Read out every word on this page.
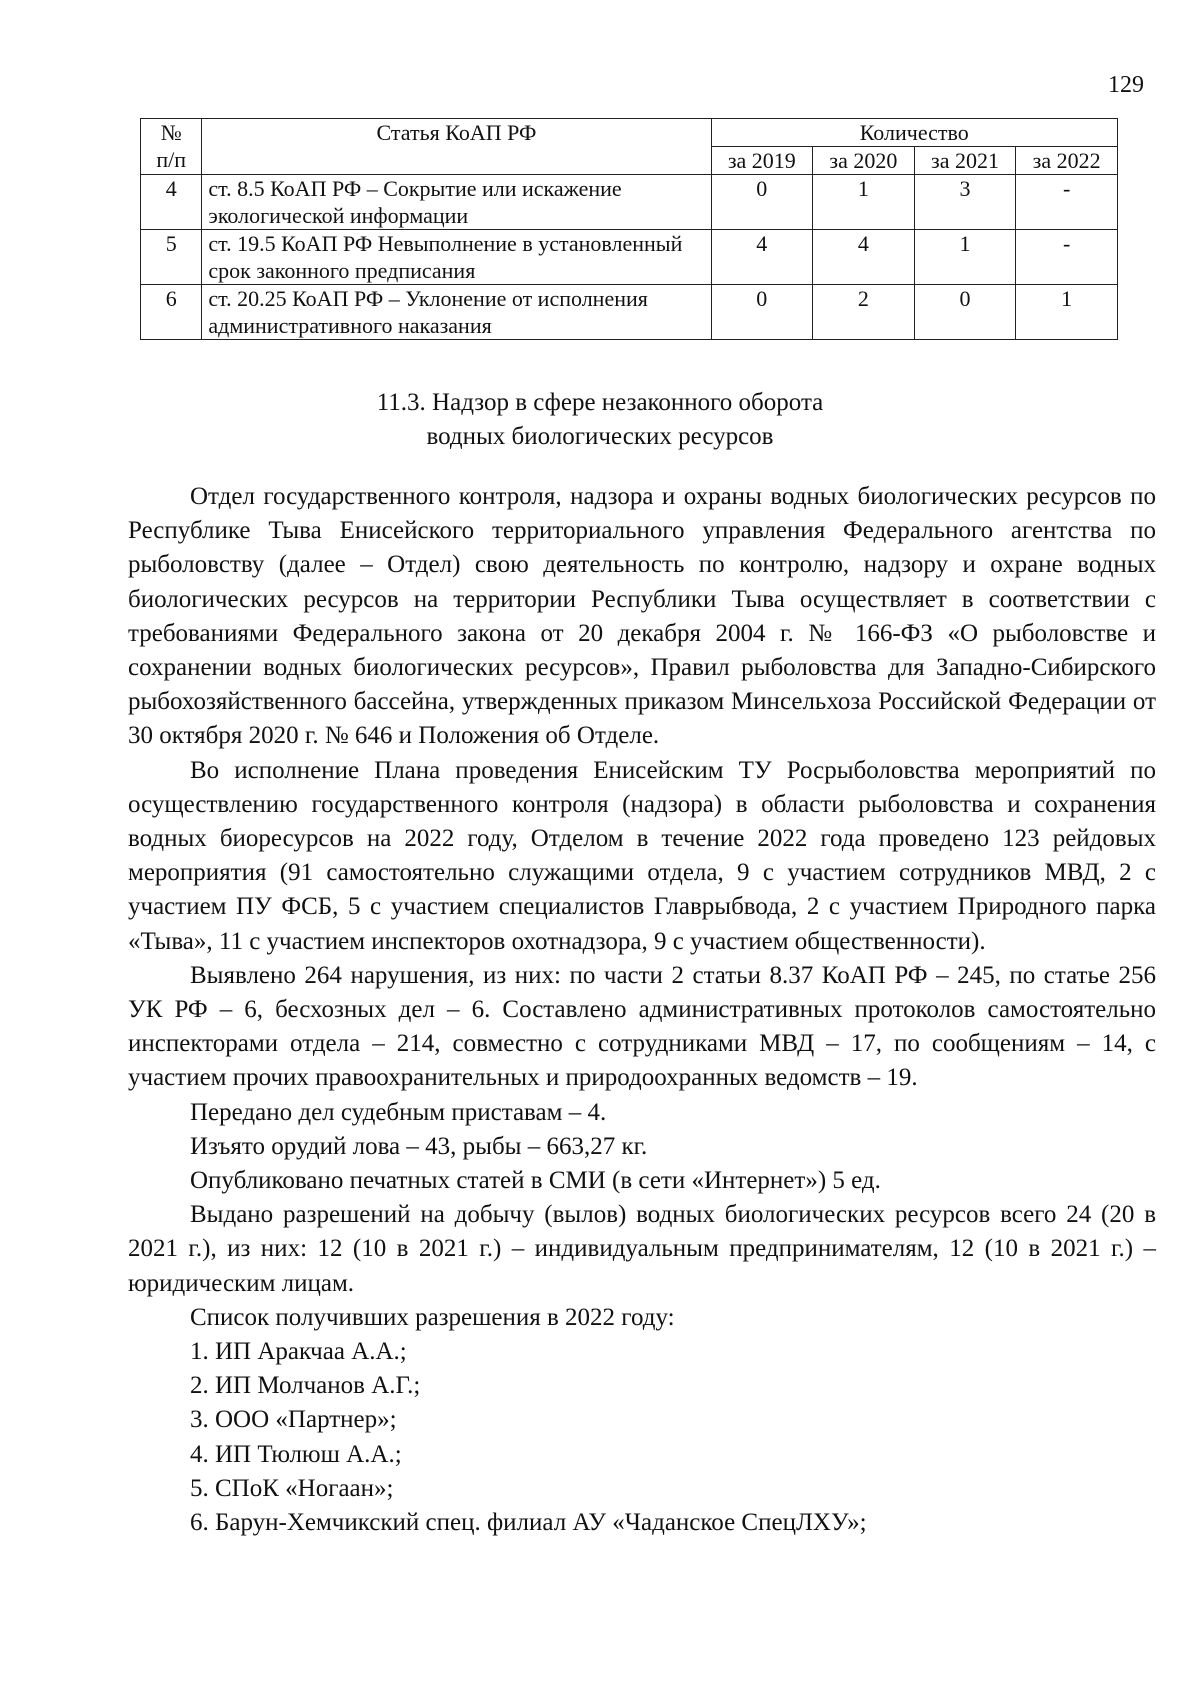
129
№
п/п	Статья КоАП РФ	Количество			
		за 2019	за 2020	за 2021	за 2022
4	ст. 8.5 КоАП РФ – Сокрытие или искажение экологической информации	0	1	3	-
5	ст. 19.5 КоАП РФ Невыполнение в установленный срок законного предписания	4	4	1	-
6	ст. 20.25 КоАП РФ – Уклонение от исполнения административного наказания	0	2	0	1
11.3. Надзор в сфере незаконного оборота
водных биологических ресурсов

Отдел государственного контроля, надзора и охраны водных биологических ресурсов по Республике Тыва Енисейского территориального управления Федерального агентства по рыболовству (далее – Отдел) свою деятельность по контролю, надзору и охране водных биологических ресурсов на территории Республики Тыва осуществляет в соответствии с требованиями Федерального закона от 20 декабря 2004 г. № 166-ФЗ «О рыболовстве и сохранении водных биологических ресурсов», Правил рыболовства для Западно-Сибирского рыбохозяйственного бассейна, утвержденных приказом Минсельхоза Российской Федерации от 30 октября 2020 г. № 646 и Положения об Отделе.

Во исполнение Плана проведения Енисейским ТУ Росрыболовства мероприятий по осуществлению государственного контроля (надзора) в области рыболовства и сохранения водных биоресурсов на 2022 году, Отделом в течение 2022 года проведено 123 рейдовых мероприятия (91 самостоятельно служащими отдела, 9 с участием сотрудников МВД, 2 с участием ПУ ФСБ, 5 с участием специалистов Главрыбвода, 2 с участием Природного парка «Тыва», 11 с участием инспекторов охотнадзора, 9 с участием общественности).

Выявлено 264 нарушения, из них: по части 2 статьи 8.37 КоАП РФ – 245, по статье 256 УК РФ – 6, бесхозных дел – 6. Составлено административных протоколов самостоятельно инспекторами отдела – 214, совместно с сотрудниками МВД – 17, по сообщениям – 14, с участием прочих правоохранительных и природоохранных ведомств – 19.

Передано дел судебным приставам – 4.

Изъято орудий лова – 43, рыбы – 663,27 кг.

Опубликовано печатных статей в СМИ (в сети «Интернет») 5 ед.

Выдано разрешений на добычу (вылов) водных биологических ресурсов всего 24 (20 в 2021 г.), из них: 12 (10 в 2021 г.) – индивидуальным предпринимателям, 12 (10 в 2021 г.) – юридическим лицам.

Список получивших разрешения в 2022 году:

1. ИП Аракчаа А.А.;
2. ИП Молчанов А.Г.;
3. ООО «Партнер»;
4. ИП Тюлюш А.А.;
5. СПоК «Ногаан»;
6. Барун-Хемчикский спец. филиал АУ «Чаданское СпецЛХУ»;
